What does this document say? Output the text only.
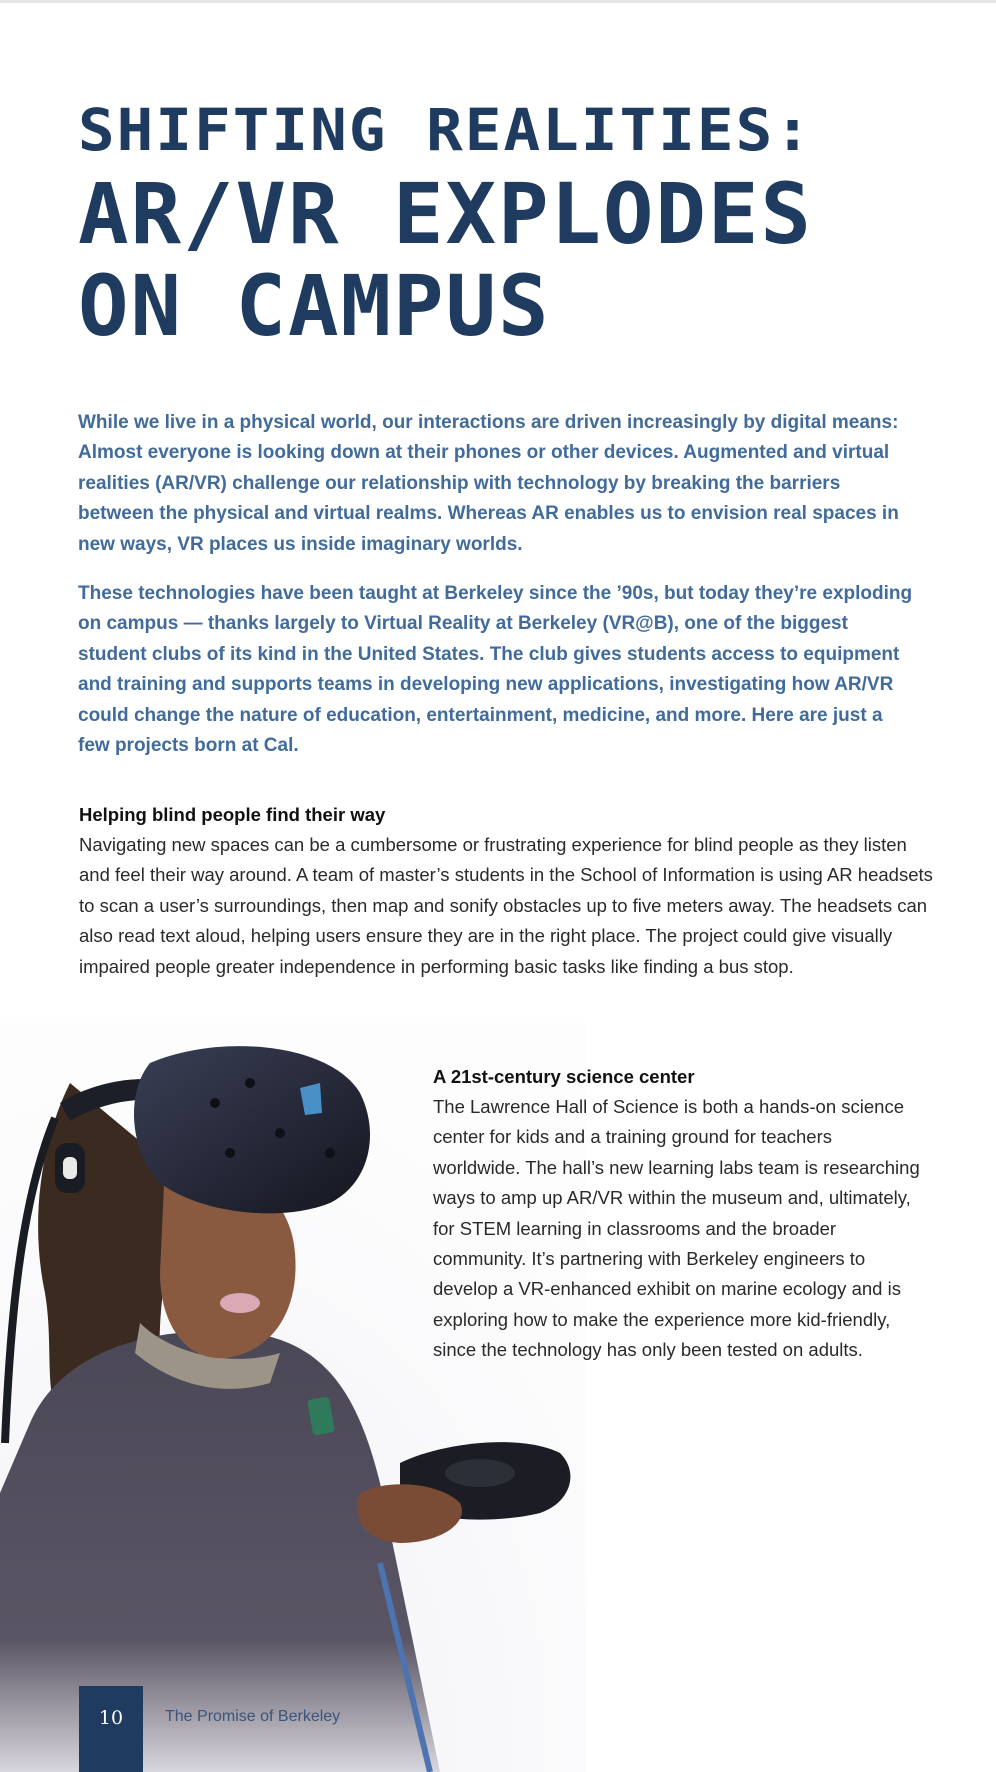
SHIFTING REALITIES:
AR/VR EXPLODES
ON CAMPUS

While we live in a physical world, our interactions are driven increasingly by digital means: Almost everyone is looking down at their phones or other devices. Augmented and virtual realities (AR/VR) challenge our relationship with technology by breaking the barriers between the physical and virtual realms. Whereas AR enables us to envision real spaces in new ways, VR places us inside imaginary worlds.

These technologies have been taught at Berkeley since the ’90s, but today they’re exploding on campus — thanks largely to Virtual Reality at Berkeley (VR@B), one of the biggest student clubs of its kind in the United States. The club gives students access to equipment and training and supports teams in developing new applications, investigating how AR/VR could change the nature of education, entertainment, medicine, and more. Here are just a few projects born at Cal.

Helping blind people find their way
Navigating new spaces can be a cumbersome or frustrating experience for blind people as they listen and feel their way around. A team of master’s students in the School of Information is using AR headsets to scan a user’s surroundings, then map and sonify obstacles up to five meters away. The headsets can also read text aloud, helping users ensure they are in the right place. The project could give visually impaired people greater independence in performing basic tasks like finding a bus stop.
A 21st-century science center
The Lawrence Hall of Science is both a hands-on science center for kids and a training ground for teachers worldwide. The hall’s new learning labs team is researching ways to amp up AR/VR within the museum and, ultimately, for STEM learning in classrooms and the broader community. It’s partnering with Berkeley engineers to develop a VR-enhanced exhibit on marine ecology and is exploring how to make the experience more kid-friendly, since the technology has only been tested on adults.
10	The Promise of Berkeley
